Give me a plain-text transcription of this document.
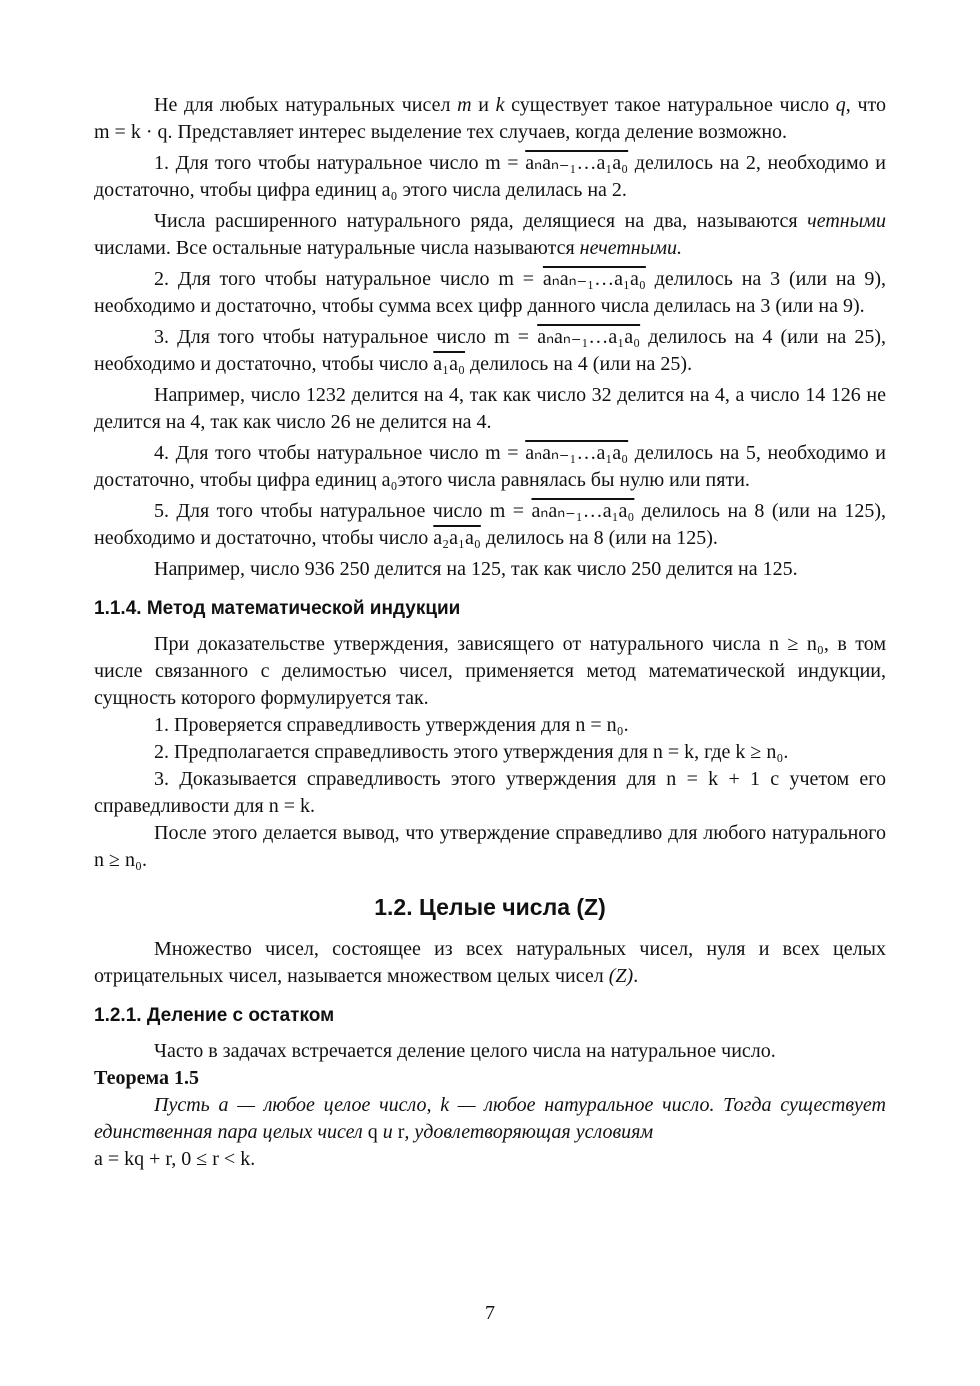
Не для любых натуральных чисел m и k существует такое натуральное число q, что m = k · q. Представляет интерес выделение тех случаев, когда деление возможно.

1. Для того чтобы натуральное число m = aₙaₙ₋₁…a₁a₀ делилось на 2, необходимо и достаточно, чтобы цифра единиц a₀ этого числа делилась на 2.

Числа расширенного натурального ряда, делящиеся на два, называются четными числами. Все остальные натуральные числа называются нечетными.

2. Для того чтобы натуральное число m = aₙaₙ₋₁…a₁a₀ делилось на 3 (или на 9), необходимо и достаточно, чтобы сумма всех цифр данного числа делилась на 3 (или на 9).

3. Для того чтобы натуральное число m = aₙaₙ₋₁…a₁a₀ делилось на 4 (или на 25), необходимо и достаточно, чтобы число a₁a₀ делилось на 4 (или на 25).

Например, число 1232 делится на 4, так как число 32 делится на 4, а число 14 126 не делится на 4, так как число 26 не делится на 4.

4. Для того чтобы натуральное число m = aₙaₙ₋₁…a₁a₀ делилось на 5, необходимо и достаточно, чтобы цифра единиц a₀этого числа равнялась бы нулю или пяти.

5. Для того чтобы натуральное число m = aₙaₙ₋₁…a₁a₀ делилось на 8 (или на 125), необходимо и достаточно, чтобы число a₂a₁a₀ делилось на 8 (или на 125).

Например, число 936 250 делится на 125, так как число 250 делится на 125.

1.1.4. Метод математической индукции

При доказательстве утверждения, зависящего от натурального числа n ≥ n₀, в том числе связанного с делимостью чисел, применяется метод математической индукции, сущность которого формулируется так.

1. Проверяется справедливость утверждения для n = n₀.

2. Предполагается справедливость этого утверждения для n = k, где k ≥ n₀.

3. Доказывается справедливость этого утверждения для n = k + 1 с учетом его справедливости для n = k.

После этого делается вывод, что утверждение справедливо для любого натурального n ≥ n₀.

1.2. Целые числа (Z)

Множество чисел, состоящее из всех натуральных чисел, нуля и всех целых отрицательных чисел, называется множеством целых чисел (Z).

1.2.1. Деление с остатком

Часто в задачах встречается деление целого числа на натуральное число.

Теорема 1.5

Пусть a — любое целое число, k — любое натуральное число. Тогда существует единственная пара целых чисел q и r, удовлетворяющая условиям

a = kq + r, 0 ≤ r < k.

7
